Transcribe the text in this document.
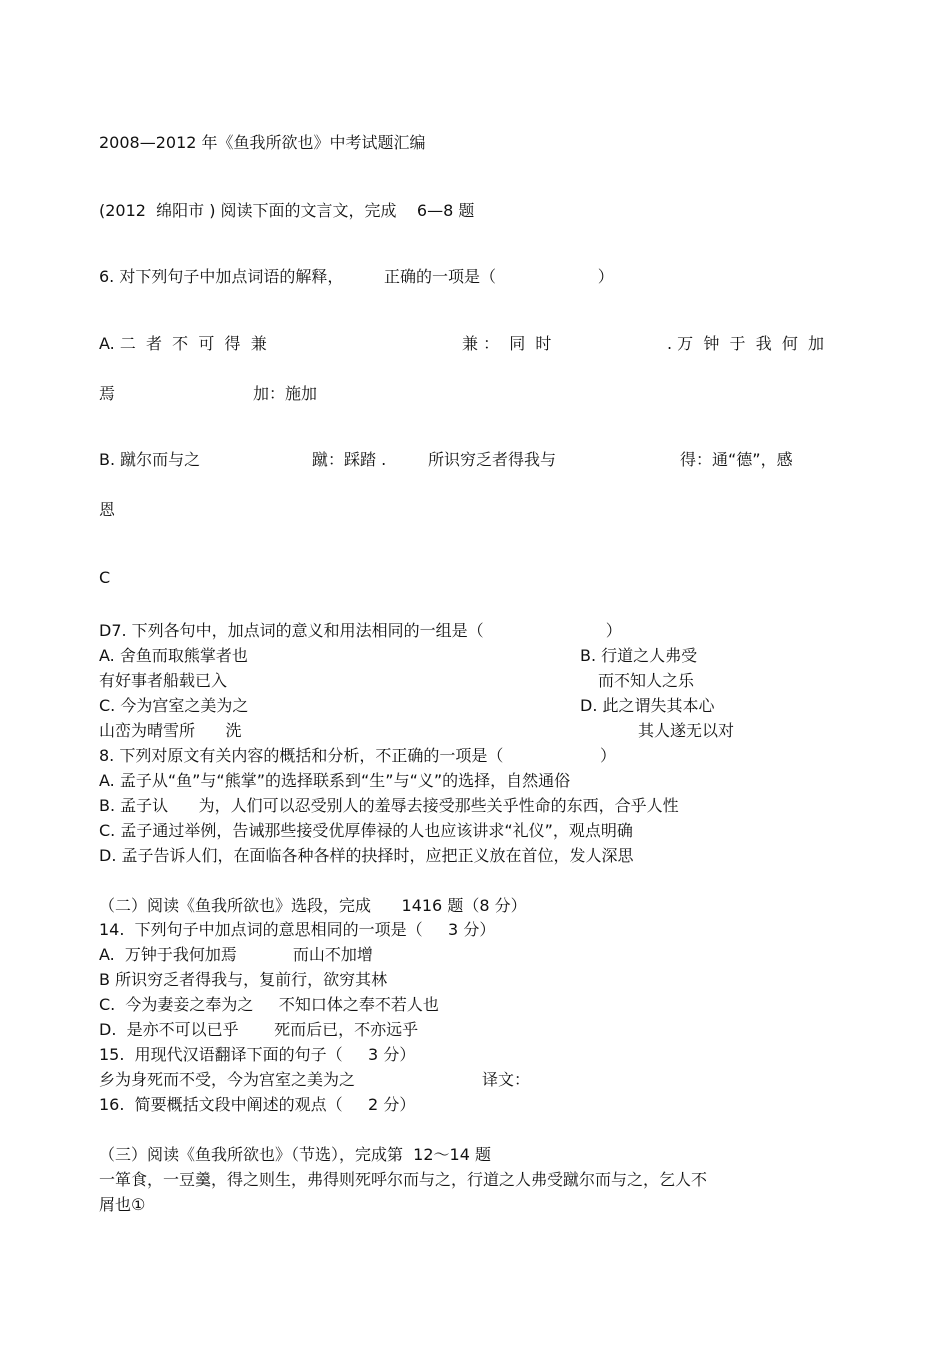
2008—2012 年《鱼我所欲也》中考试题汇编
(2012  绵阳市 ) 阅读下面的文言文，完成    6—8 题
6. 对下列句子中加点词语的解释，        正确的一项是（                    ）
A. 二  者  不  可  得  兼	兼 ：  同  时	. 万  钟  于  我  何  加
焉	加：施加
B. 蹴尔而与之	蹴：踩踏 .	所识穷乏者得我与	得：通“德”，感
恩
C
D7. 下列各句中，加点词的意义和用法相同的一组是（                        ）
A. 舍鱼而取熊掌者也	B. 行道之人弗受
有好事者船载已入	而不知人之乐
C. 今为宫室之美为之	D. 此之谓失其本心
山峦为晴雪所      洗	其人遂无以对
8. 下列对原文有关内容的概括和分析，不正确的一项是（                   ）
A. 孟子从“鱼”与“熊掌”的选择联系到“生”与“义”的选择，自然通俗
B. 孟子认      为，人们可以忍受别人的羞辱去接受那些关乎性命的东西，合乎人性
C. 孟子通过举例，告诫那些接受优厚俸禄的人也应该讲求“礼仪”，观点明确
D. 孟子告诉人们，在面临各种各样的抉择时，应把正义放在首位，发人深思
（二）阅读《鱼我所欲也》选段，完成      1416 题（8 分）
14.  下列句子中加点词的意思相同的一项是（     3 分）
A.  万钟于我何加焉           而山不加增
B 所识穷乏者得我与，复前行，欲穷其林
C.  今为妻妾之奉为之     不知口体之奉不若人也
D.  是亦不可以已乎       死而后已，不亦远乎
15.  用现代汉语翻译下面的句子（     3 分）
乡为身死而不受，今为宫室之美为之	译文：
16.  简要概括文段中阐述的观点（     2 分）
（三）阅读《鱼我所欲也》（节选），完成第  12～14 题
一箪食，一豆羹，得之则生，弗得则死呼尔而与之，行道之人弗受蹴尔而与之，乞人不
屑也①
